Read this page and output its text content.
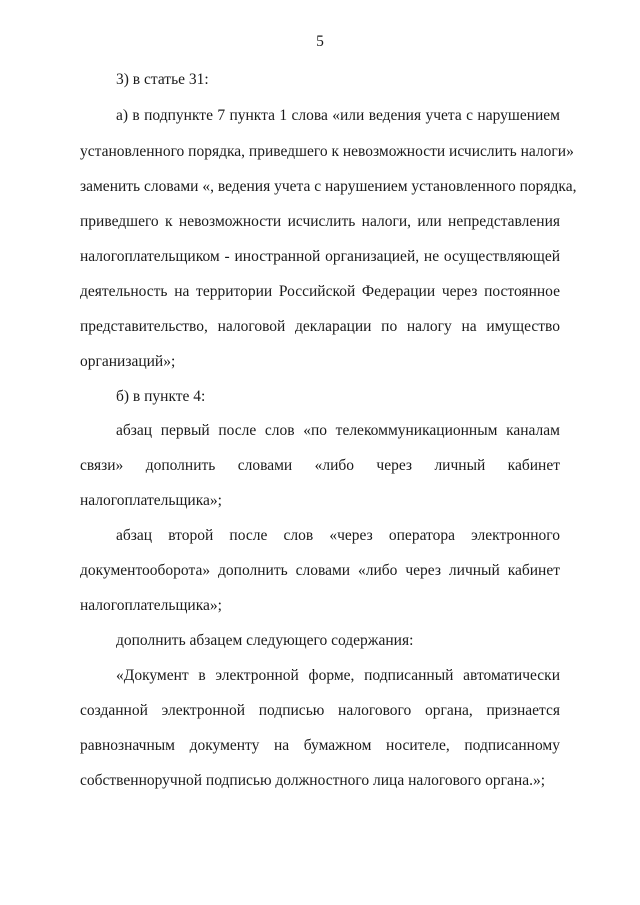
5
3) в статье 31:
а) в подпункте 7 пункта 1 слова «или ведения учета с нарушением
установленного порядка, приведшего к невозможности исчислить налоги»
заменить словами «, ведения учета с нарушением установленного порядка,
приведшего к невозможности исчислить налоги, или непредставления
налогоплательщиком - иностранной организацией, не осуществляющей
деятельность на территории Российской Федерации через постоянное
представительство, налоговой декларации по налогу на имущество
организаций»;
б) в пункте 4:
абзац первый после слов «по телекоммуникационным каналам
связи» дополнить словами «либо через личный кабинет
налогоплательщика»;
абзац второй после слов «через оператора электронного
документооборота» дополнить словами «либо через личный кабинет
налогоплательщика»;
дополнить абзацем следующего содержания:
«Документ в электронной форме, подписанный автоматически
созданной электронной подписью налогового органа, признается
равнозначным документу на бумажном носителе, подписанному
собственноручной подписью должностного лица налогового органа.»;
